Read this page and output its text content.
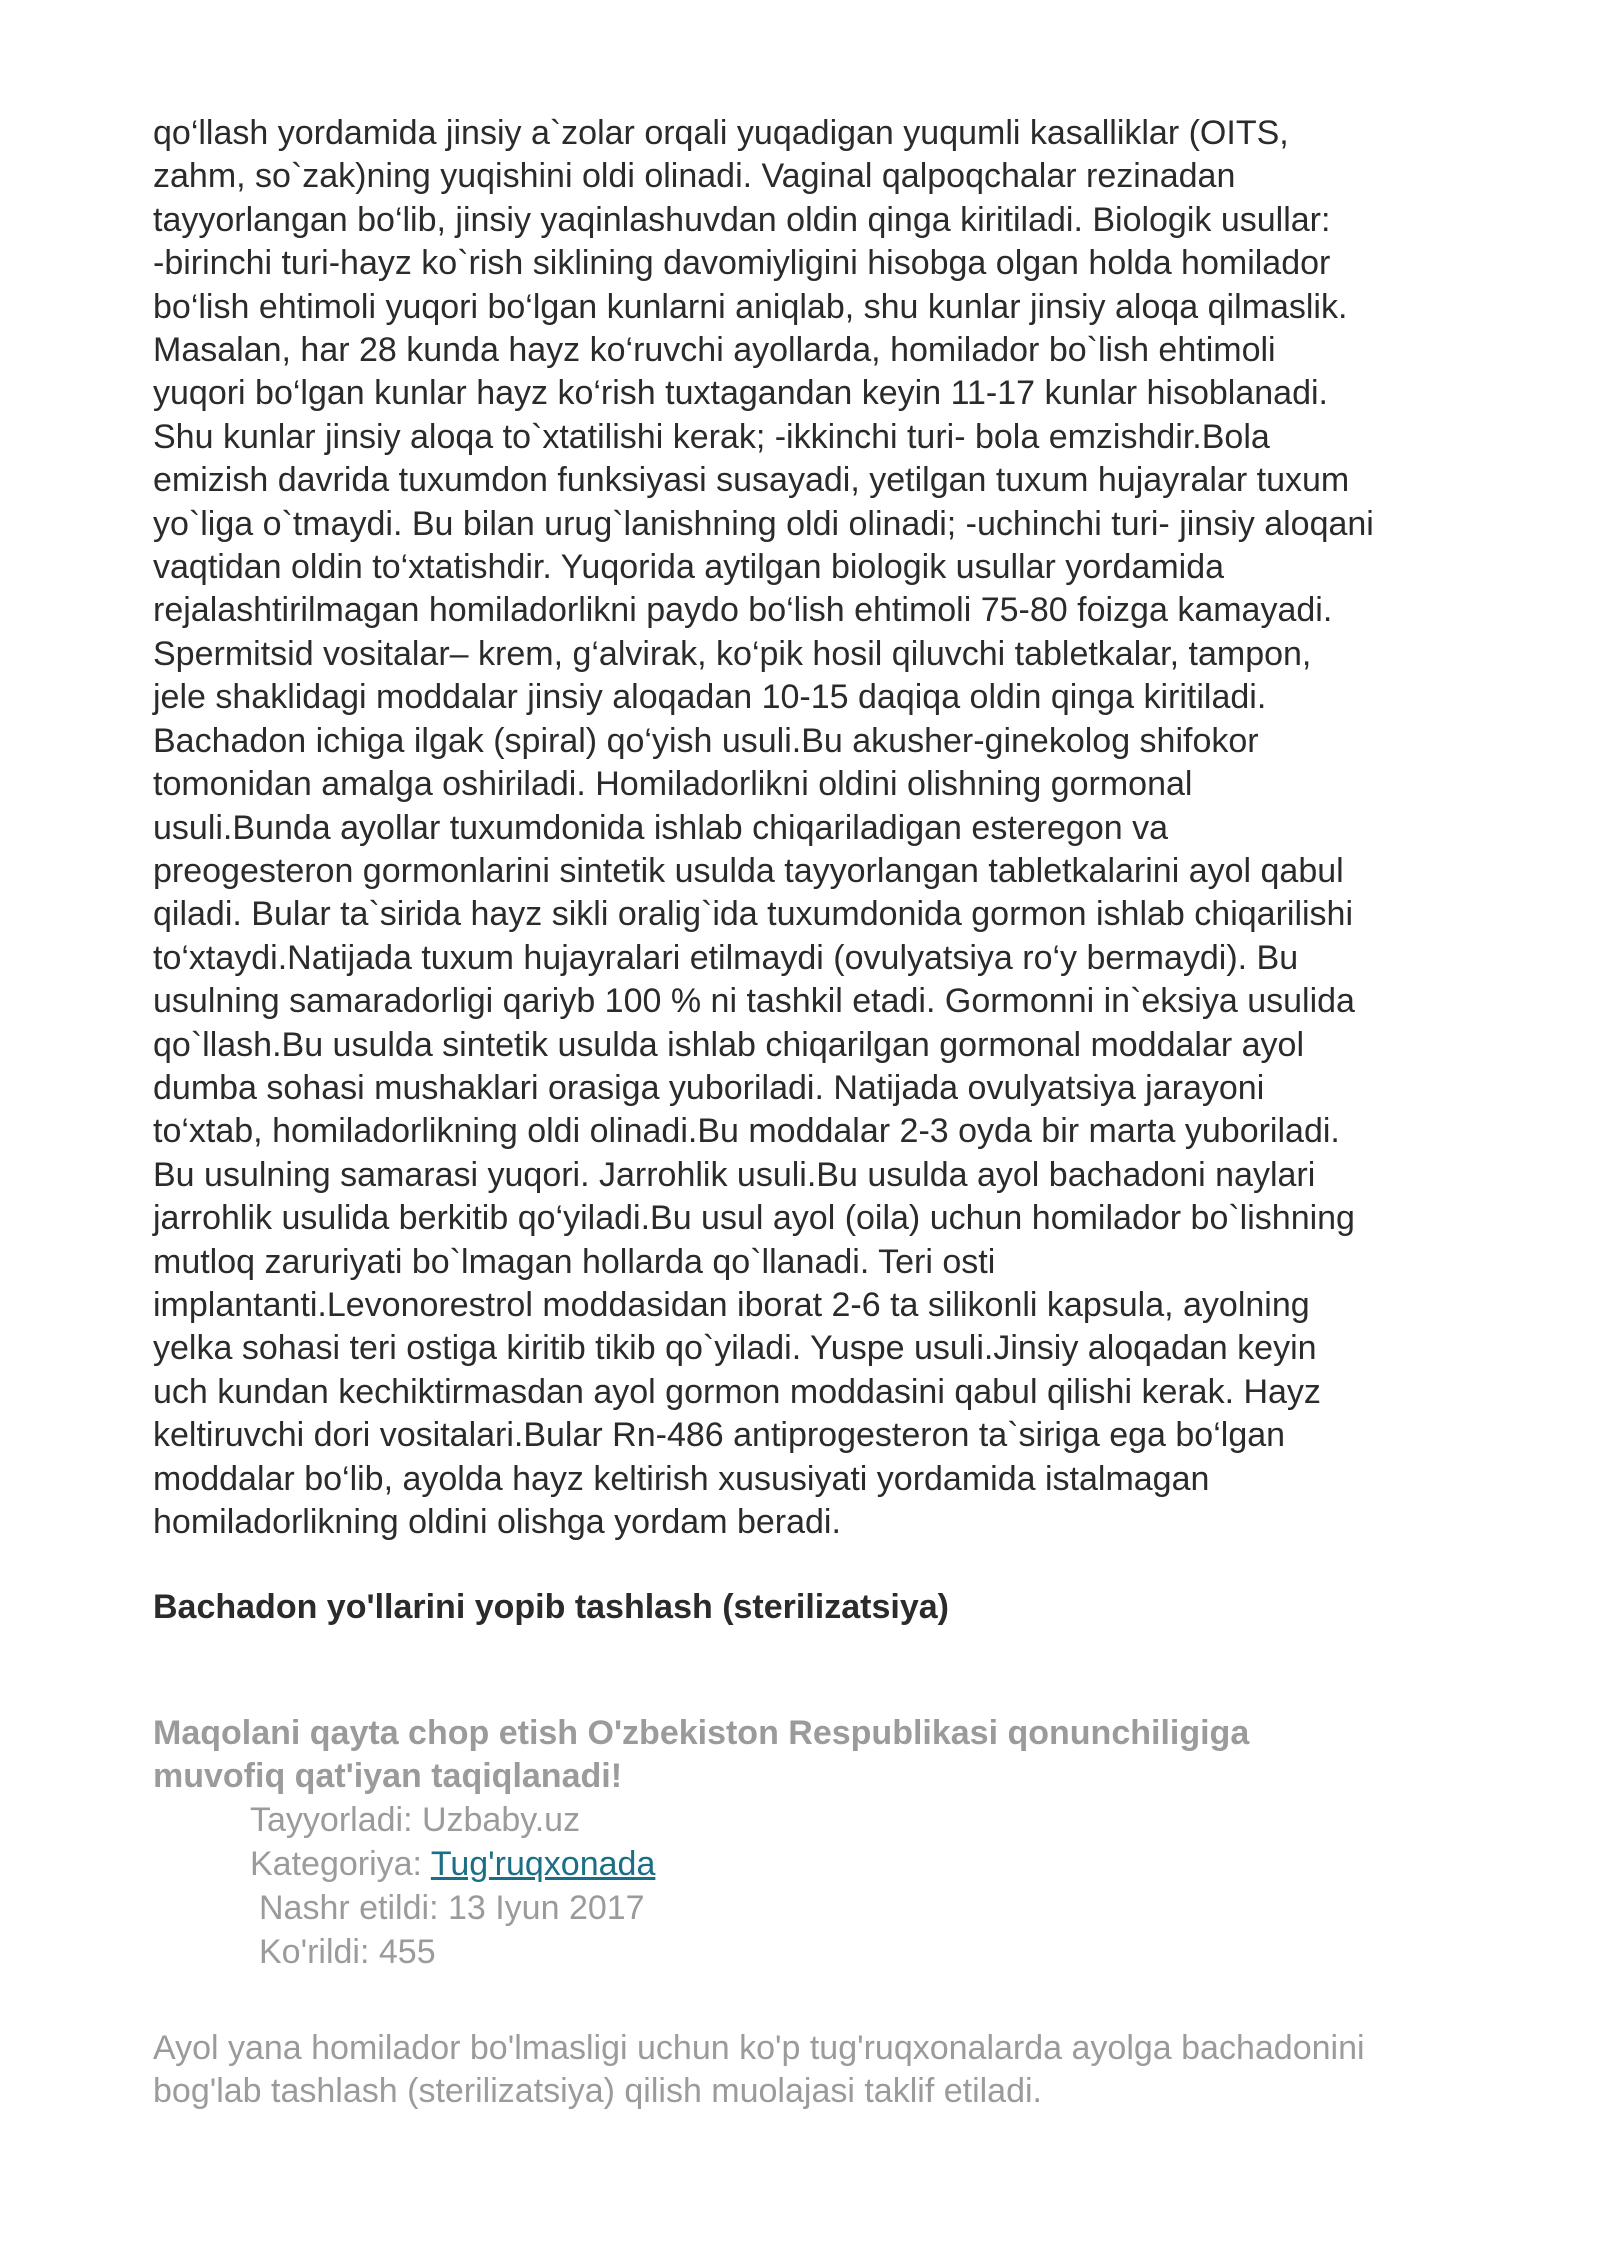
qo‘llash yordamida jinsiy a`zolar orqali yuqadigan yuqumli kasalliklar (OITS,
zahm, so`zak)ning yuqishini oldi olinadi. Vaginal qalpoqchalar rezinadan
tayyorlangan bo‘lib, jinsiy yaqinlashuvdan oldin qinga kiritiladi. Biologik usullar:
-birinchi turi-hayz ko`rish siklining davomiyligini hisobga olgan holda homilador
bo‘lish ehtimoli yuqori bo‘lgan kunlarni aniqlab, shu kunlar jinsiy aloqa qilmaslik.
Masalan, har 28 kunda hayz ko‘ruvchi ayollarda, homilador bo`lish ehtimoli
yuqori bo‘lgan kunlar hayz ko‘rish tuxtagandan keyin 11-17 kunlar hisoblanadi.
Shu kunlar jinsiy aloqa to`xtatilishi kerak; -ikkinchi turi- bola emzishdir.Bola
emizish davrida tuxumdon funksiyasi susayadi, yetilgan tuxum hujayralar tuxum
yo`liga o`tmaydi. Bu bilan urug`lanishning oldi olinadi; -uchinchi turi- jinsiy aloqani
vaqtidan oldin to‘xtatishdir. Yuqorida aytilgan biologik usullar yordamida
rejalashtirilmagan homiladorlikni paydo bo‘lish ehtimoli 75-80 foizga kamayadi.
Spermitsid vositalar– krem, g‘alvirak, ko‘pik hosil qiluvchi tabletkalar, tampon,
jele shaklidagi moddalar jinsiy aloqadan 10-15 daqiqa oldin qinga kiritiladi.
Bachadon ichiga ilgak (spiral) qo‘yish usuli.Bu akusher-ginekolog shifokor
tomonidan amalga oshiriladi. Homiladorlikni oldini olishning gormonal
usuli.Bunda ayollar tuxumdonida ishlab chiqariladigan esteregon va
preogesteron gormonlarini sintetik usulda tayyorlangan tabletkalarini ayol qabul
qiladi. Bular ta`sirida hayz sikli oralig`ida tuxumdonida gormon ishlab chiqarilishi
to‘xtaydi.Natijada tuxum hujayralari etilmaydi (ovulyatsiya ro‘y bermaydi). Bu
usulning samaradorligi qariyb 100 % ni tashkil etadi. Gormonni in`eksiya usulida
qo`llash.Bu usulda sintetik usulda ishlab chiqarilgan gormonal moddalar ayol
dumba sohasi mushaklari orasiga yuboriladi. Natijada ovulyatsiya jarayoni
to‘xtab, homiladorlikning oldi olinadi.Bu moddalar 2-3 oyda bir marta yuboriladi.
Bu usulning samarasi yuqori. Jarrohlik usuli.Bu usulda ayol bachadoni naylari
jarrohlik usulida berkitib qo‘yiladi.Bu usul ayol (oila) uchun homilador bo`lishning
mutloq zaruriyati bo`lmagan hollarda qo`llanadi. Teri osti
implantanti.Levonorestrol moddasidan iborat 2-6 ta silikonli kapsula, ayolning
yelka sohasi teri ostiga kiritib tikib qo`yiladi. Yuspe usuli.Jinsiy aloqadan keyin
uch kundan kechiktirmasdan ayol gormon moddasini qabul qilishi kerak. Hayz
keltiruvchi dori vositalari.Bular Rn-486 antiprogesteron ta`siriga ega bo‘lgan
moddalar bo‘lib, ayolda hayz keltirish xususiyati yordamida istalmagan
homiladorlikning oldini olishga yordam beradi.
Bachadon yo'llarini yopib tashlash (sterilizatsiya)
Maqolani qayta chop etish O'zbekiston Respublikasi qonunchiligiga
muvofiq qat'iyan taqiqlanadi!
Tayyorladi: Uzbaby.uz
Kategoriya: Tug'ruqxonada
Nashr etildi: 13 Iyun 2017
Ko'rildi: 455
Ayol yana homilador bo'lmasligi uchun ko'p tug'ruqxonalarda ayolga bachadonini
bog'lab tashlash (sterilizatsiya) qilish muolajasi taklif etiladi.
